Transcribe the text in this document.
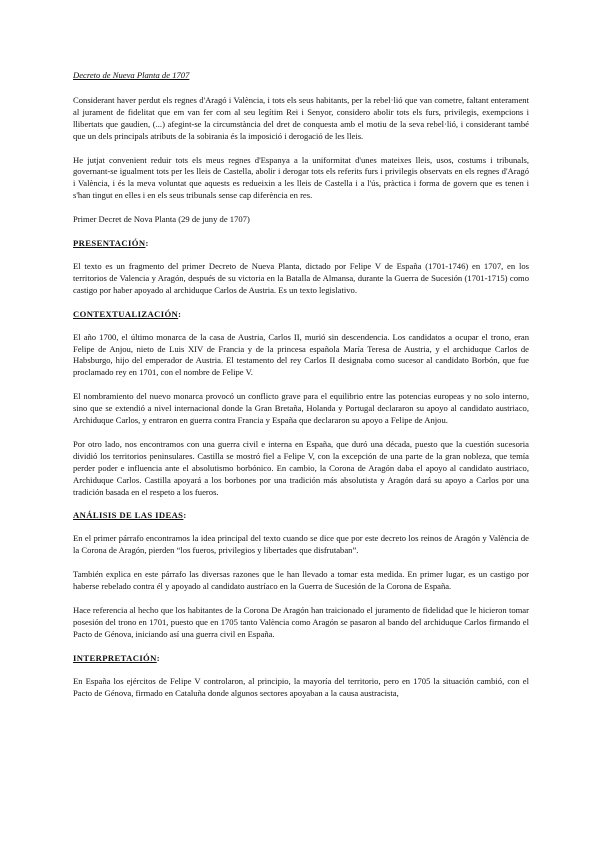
Decreto de Nueva Planta de 1707

Considerant haver perdut els regnes d'Aragó i València, i tots els seus habitants, per la rebel·lió que van cometre, faltant enterament al jurament de fidelitat que em van fer com al seu legítim Rei i Senyor, considero abolir tots els furs, privilegis, exempcions i llibertats que gaudien, (...) afegint-se la circumstància del dret de conquesta amb el motiu de la seva rebel·lió, i considerant també que un dels principals atributs de la sobirania és la imposició i derogació de les lleis.

He jutjat convenient reduir tots els meus regnes d'Espanya a la uniformitat d'unes mateixes lleis, usos, costums i tribunals, governant-se igualment tots per les lleis de Castella, abolir i derogar tots els referits furs i privilegis observats en els regnes d'Aragó i València, i és la meva voluntat que aquests es redueixin a les lleis de Castella i a l'ús, pràctica i forma de govern que es tenen i s'han tingut en elles i en els seus tribunals sense cap diferència en res.

Primer Decret de Nova Planta (29 de juny de 1707)

PRESENTACIÓN:

El texto es un fragmento del primer Decreto de Nueva Planta, dictado por Felipe V de España (1701-1746) en 1707, en los territorios de Valencia y Aragón, después de su victoria en la Batalla de Almansa, durante la Guerra de Sucesión (1701-1715) como castigo por haber apoyado al archiduque Carlos de Austria. Es un texto legislativo.

CONTEXTUALIZACIÓN:

El año 1700, el último monarca de la casa de Austria, Carlos II, murió sin descendencia. Los candidatos a ocupar el trono, eran Felipe de Anjou, nieto de Luis XIV de Francia y de la princesa española María Teresa de Austria, y el archiduque Carlos de Habsburgo, hijo del emperador de Austria. El testamento del rey Carlos II designaba como sucesor al candidato Borbón, que fue proclamado rey en 1701, con el nombre de Felipe V.

El nombramiento del nuevo monarca provocó un conflicto grave para el equilibrio entre las potencias europeas y no solo interno, sino que se extendió a nivel internacional donde la Gran Bretaña, Holanda y Portugal declararon su apoyo al candidato austriaco, Archiduque Carlos, y entraron en guerra contra Francia y España que declararon su apoyo a Felipe de Anjou.

Por otro lado, nos encontramos con una guerra civil e interna en España, que duró una década, puesto que la cuestión sucesoria dividió los territorios peninsulares. Castilla se mostró fiel a Felipe V, con la excepción de una parte de la gran nobleza, que temía perder poder e influencia ante el absolutismo borbónico. En cambio, la Corona de Aragón daba el apoyo al candidato austriaco, Archiduque Carlos. Castilla apoyará a los borbones por una tradición más absolutista y Aragón dará su apoyo a Carlos por una tradición basada en el respeto a los fueros.

ANÁLISIS DE LAS IDEAS:

En el primer párrafo encontramos la idea principal del texto cuando se dice que por este decreto los reinos de Aragón y València de la Corona de Aragón, pierden “los fueros, privilegios y libertades que disfrutaban”.

También explica en este párrafo las diversas razones que le han llevado a tomar esta medida. En primer lugar, es un castigo por haberse rebelado contra él y apoyado al candidato austríaco en la Guerra de Sucesión de la Corona de España.

Hace referencia al hecho que los habitantes de la Corona De Aragón han traicionado el juramento de fidelidad que le hicieron tomar posesión del trono en 1701, puesto que en 1705 tanto València como Aragón se pasaron al bando del archiduque Carlos firmando el Pacto de Génova, iniciando así una guerra civil en España.

INTERPRETACIÓN:

En España los ejércitos de Felipe V controlaron, al principio, la mayoría del territorio, pero en 1705 la situación cambió, con el Pacto de Génova, firmado en Cataluña donde algunos sectores apoyaban a la causa austracista,
